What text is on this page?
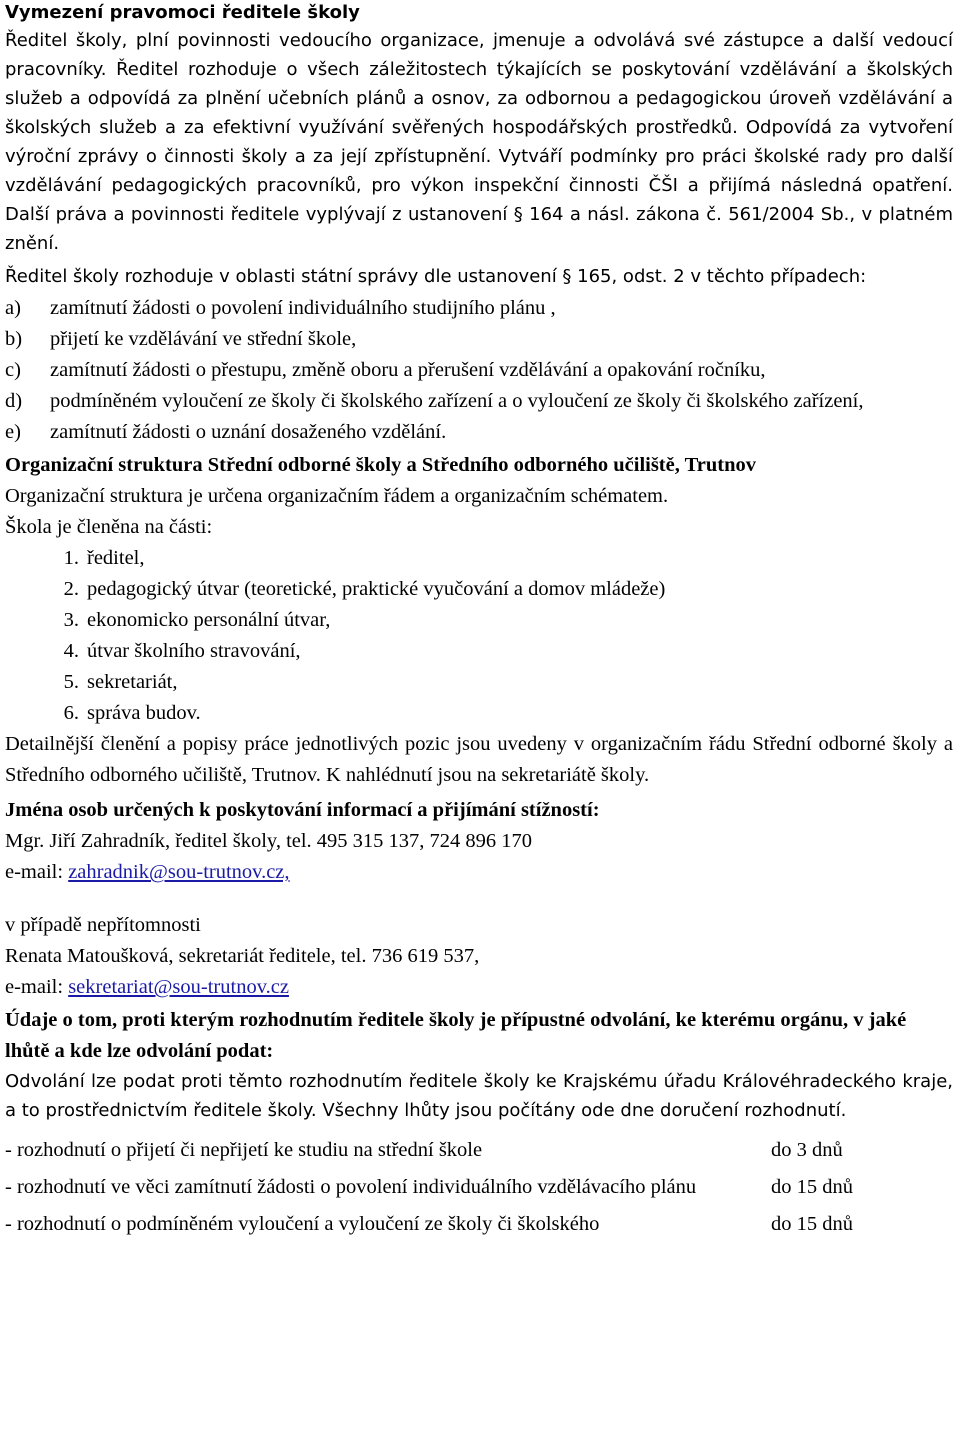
Vymezení pravomoci ředitele školy

Ředitel školy, plní povinnosti vedoucího organizace, jmenuje a odvolává své zástupce a další vedoucí pracovníky. Ředitel rozhoduje o všech záležitostech týkajících se poskytování vzdělávání a školských služeb a odpovídá za plnění učebních plánů a osnov, za odbornou a pedagogickou úroveň vzdělávání a školských služeb a za efektivní využívání svěřených hospodářských prostředků. Odpovídá za vytvoření výroční zprávy o činnosti školy a za její zpřístupnění. Vytváří podmínky pro práci školské rady pro další vzdělávání pedagogických pracovníků, pro výkon inspekční činnosti ČŠI a přijímá následná opatření. Další práva a povinnosti ředitele vyplývají z ustanovení § 164 a násl. zákona č. 561/2004 Sb., v platném znění.

Ředitel školy rozhoduje v oblasti státní správy dle ustanovení § 165, odst. 2 v těchto případech:

a)	zamítnutí žádosti o povolení individuálního studijního plánu ,
b)	přijetí ke vzdělávání ve střední škole,
c)	zamítnutí žádosti o přestupu, změně oboru a přerušení vzdělávání a opakování ročníku,
d)	podmíněném vyloučení ze školy či školského zařízení a o vyloučení ze školy či školského zařízení,
e)	zamítnutí žádosti o uznání dosaženého vzdělání.
Organizační struktura Střední odborné školy a Středního odborného učiliště, Trutnov

Organizační struktura je určena organizačním řádem a organizačním schématem.

Škola je členěna na části:

1. ředitel,
2. pedagogický útvar (teoretické, praktické vyučování a domov mládeže)
3. ekonomicko personální útvar,
4. útvar školního stravování,
5. sekretariát,
6. správa budov.

Detailnější členění a popisy práce jednotlivých pozic jsou uvedeny v organizačním řádu Střední odborné školy a Středního odborného učiliště, Trutnov. K nahlédnutí jsou na sekretariátě školy.

Jména osob určených k poskytování informací a přijímání stížností:

Mgr. Jiří Zahradník, ředitel školy, tel. 495 315 137, 724 896 170

e-mail: zahradnik@sou-trutnov.cz,

v případě nepřítomnosti

Renata Matoušková, sekretariát ředitele, tel. 736 619 537,

e-mail: sekretariat@sou-trutnov.cz

Údaje o tom, proti kterým rozhodnutím ředitele školy je přípustné odvolání, ke kterému orgánu, v jaké lhůtě a kde lze odvolání podat:

Odvolání lze podat proti těmto rozhodnutím ředitele školy ke Krajskému úřadu Královéhradeckého kraje, a to prostřednictvím ředitele školy. Všechny lhůty jsou počítány ode dne doručení rozhodnutí.

- rozhodnutí o přijetí či nepřijetí ke studiu na střední škole	do 3 dnů
- rozhodnutí ve věci zamítnutí žádosti o povolení individuálního vzdělávacího plánu	do 15 dnů
- rozhodnutí o podmíněném vyloučení a vyloučení ze školy či školského	do 15 dnů
